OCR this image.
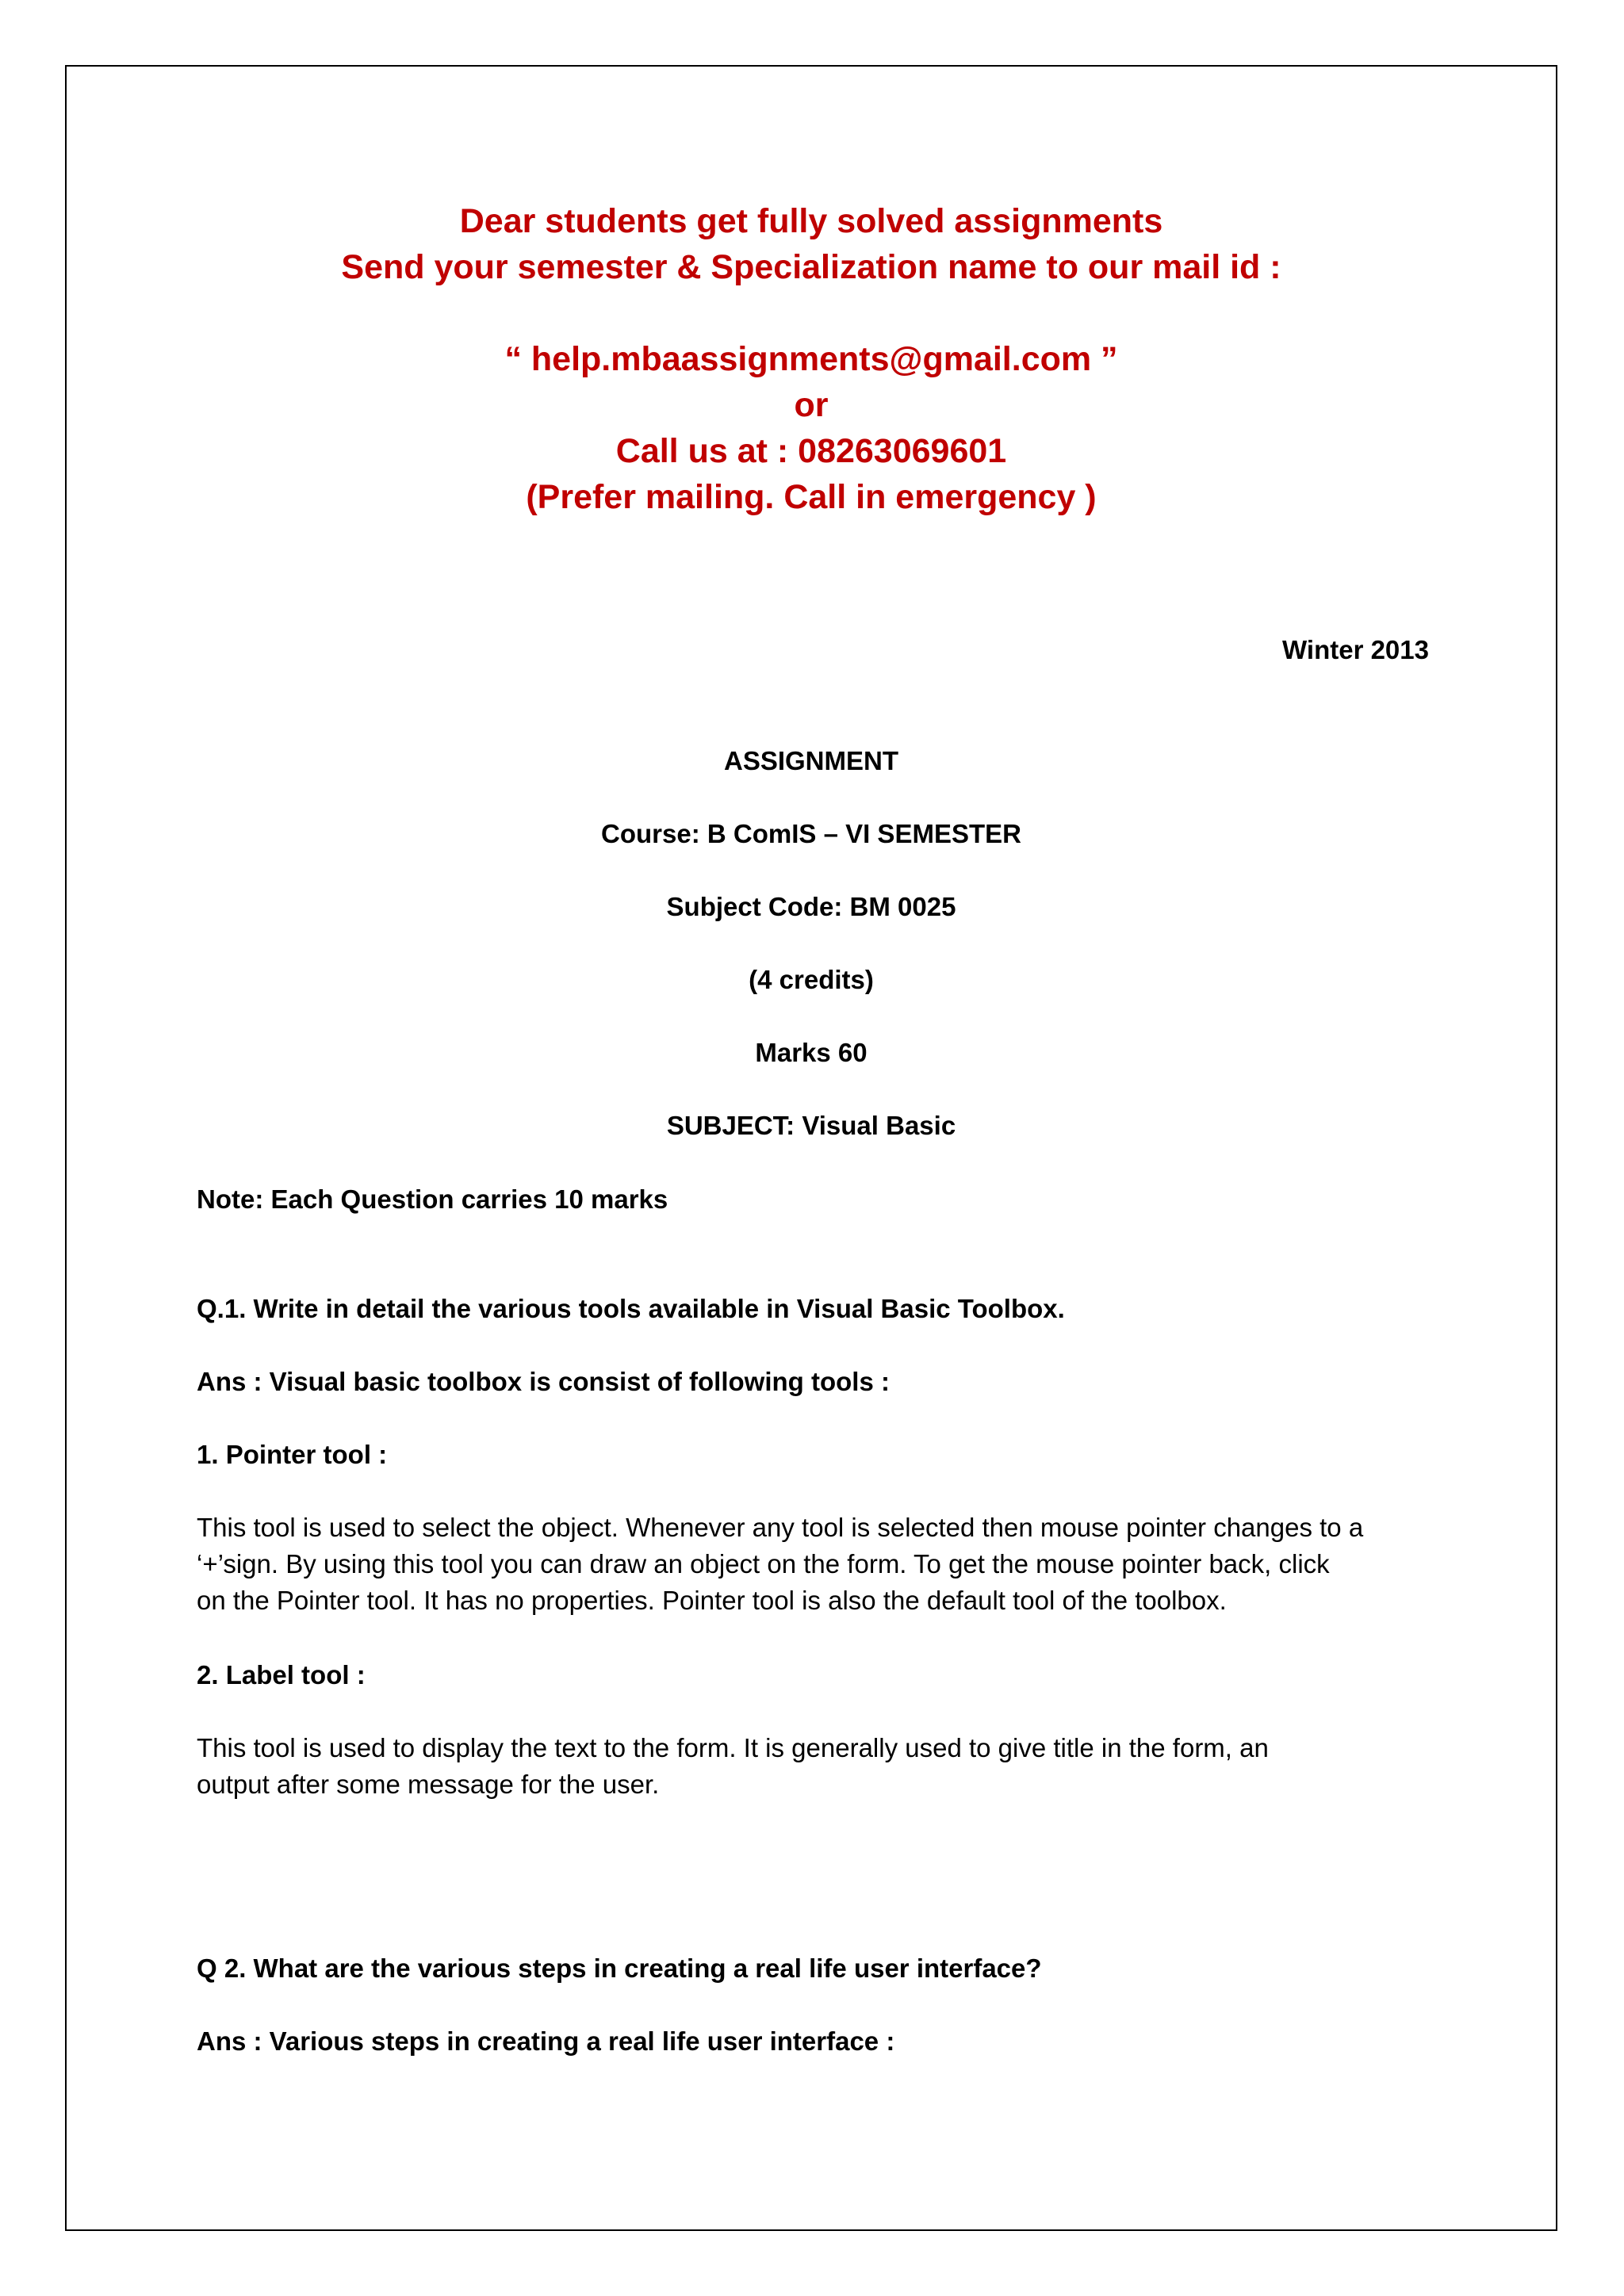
Dear students get fully solved assignments
Send your semester & Specialization name to our mail id :
“ help.mbaassignments@gmail.com ”
or
Call us at : 08263069601
(Prefer mailing. Call in emergency )
Winter 2013
ASSIGNMENT
Course: B ComIS – VI SEMESTER
Subject Code: BM 0025
(4 credits)
Marks 60
SUBJECT: Visual Basic
Note: Each Question carries 10 marks
Q.1. Write in detail the various tools available in Visual Basic Toolbox.
Ans : Visual basic toolbox is consist of following tools :
1. Pointer tool :
This tool is used to select the object. Whenever any tool is selected then mouse pointer changes to a
‘+’sign. By using this tool you can draw an object on the form. To get the mouse pointer back, click
on the Pointer tool. It has no properties. Pointer tool is also the default tool of the toolbox.
2. Label tool :
This tool is used to display the text to the form. It is generally used to give title in the form, an
output after some message for the user.
Q 2. What are the various steps in creating a real life user interface?
Ans : Various steps in creating a real life user interface :
